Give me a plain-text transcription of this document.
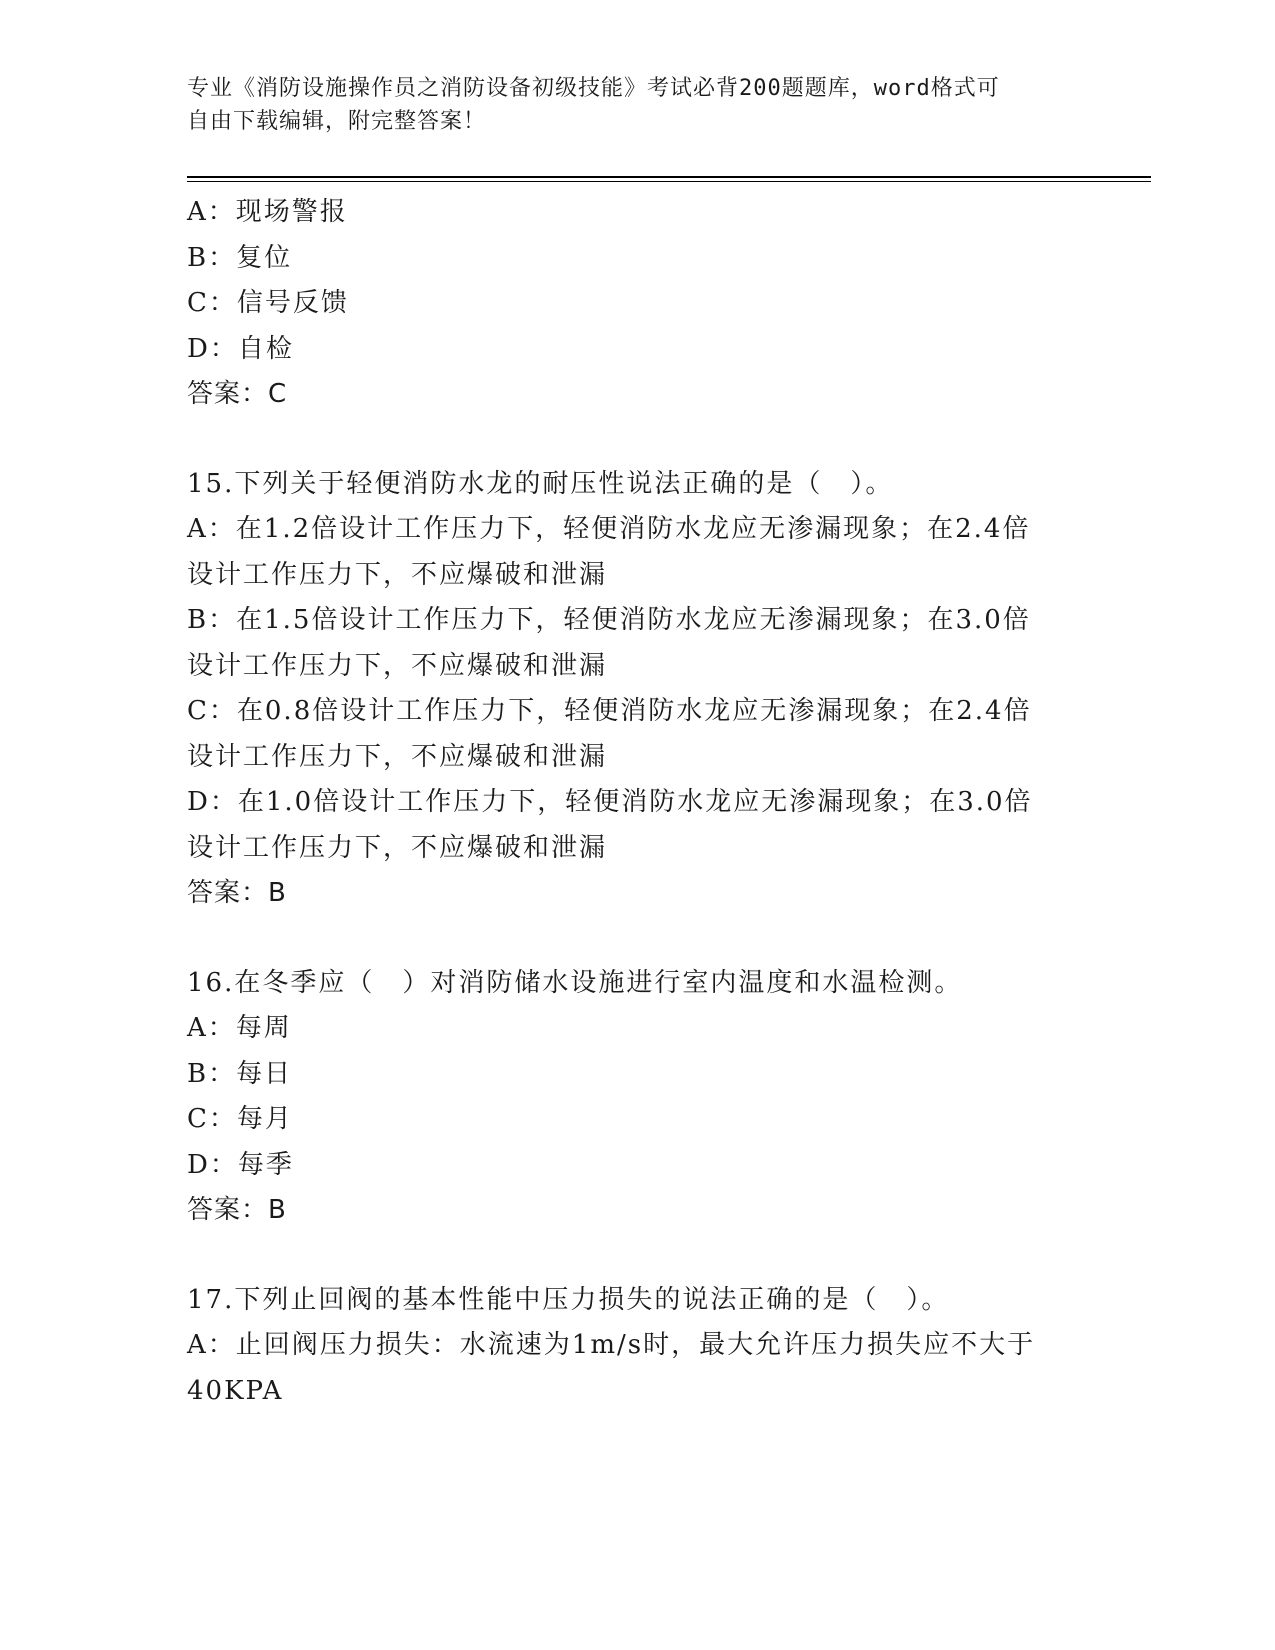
专业《消防设施操作员之消防设备初级技能》考试必背200题题库，word格式可
自由下载编辑，附完整答案！
A：现场警报
B：复位
C：信号反馈
D：自检
答案：C
15.下列关于轻便消防水龙的耐压性说法正确的是（　）。
A：在1.2倍设计工作压力下，轻便消防水龙应无渗漏现象；在2.4倍
设计工作压力下，不应爆破和泄漏
B：在1.5倍设计工作压力下，轻便消防水龙应无渗漏现象；在3.0倍
设计工作压力下，不应爆破和泄漏
C：在0.8倍设计工作压力下，轻便消防水龙应无渗漏现象；在2.4倍
设计工作压力下，不应爆破和泄漏
D：在1.0倍设计工作压力下，轻便消防水龙应无渗漏现象；在3.0倍
设计工作压力下，不应爆破和泄漏
答案：B
16.在冬季应（　）对消防储水设施进行室内温度和水温检测。
A：每周
B：每日
C：每月
D：每季
答案：B
17.下列止回阀的基本性能中压力损失的说法正确的是（　）。
A：止回阀压力损失：水流速为1m/s时，最大允许压力损失应不大于
40KPA
